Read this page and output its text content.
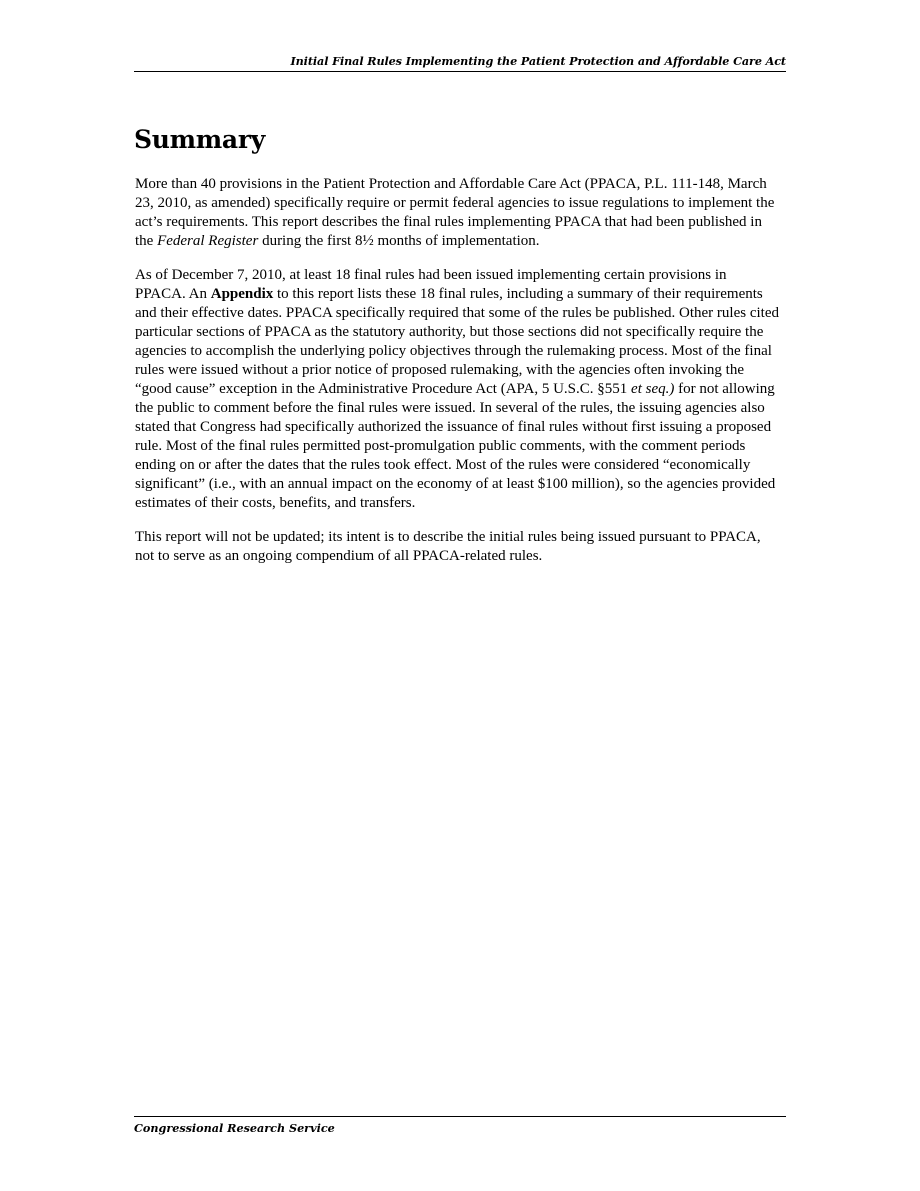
Initial Final Rules Implementing the Patient Protection and Affordable Care Act
Summary

More than 40 provisions in the Patient Protection and Affordable Care Act (PPACA, P.L. 111-148, March 23, 2010, as amended) specifically require or permit federal agencies to issue regulations to implement the act’s requirements. This report describes the final rules implementing PPACA that had been published in the Federal Register during the first 8½ months of implementation.

As of December 7, 2010, at least 18 final rules had been issued implementing certain provisions in PPACA. An Appendix to this report lists these 18 final rules, including a summary of their requirements and their effective dates. PPACA specifically required that some of the rules be published. Other rules cited particular sections of PPACA as the statutory authority, but those sections did not specifically require the agencies to accomplish the underlying policy objectives through the rulemaking process. Most of the final rules were issued without a prior notice of proposed rulemaking, with the agencies often invoking the “good cause” exception in the Administrative Procedure Act (APA, 5 U.S.C. §551 et seq.) for not allowing the public to comment before the final rules were issued. In several of the rules, the issuing agencies also stated that Congress had specifically authorized the issuance of final rules without first issuing a proposed rule. Most of the final rules permitted post-promulgation public comments, with the comment periods ending on or after the dates that the rules took effect. Most of the rules were considered “economically significant” (i.e., with an annual impact on the economy of at least $100 million), so the agencies provided estimates of their costs, benefits, and transfers.

This report will not be updated; its intent is to describe the initial rules being issued pursuant to PPACA, not to serve as an ongoing compendium of all PPACA-related rules.

Congressional Research Service
